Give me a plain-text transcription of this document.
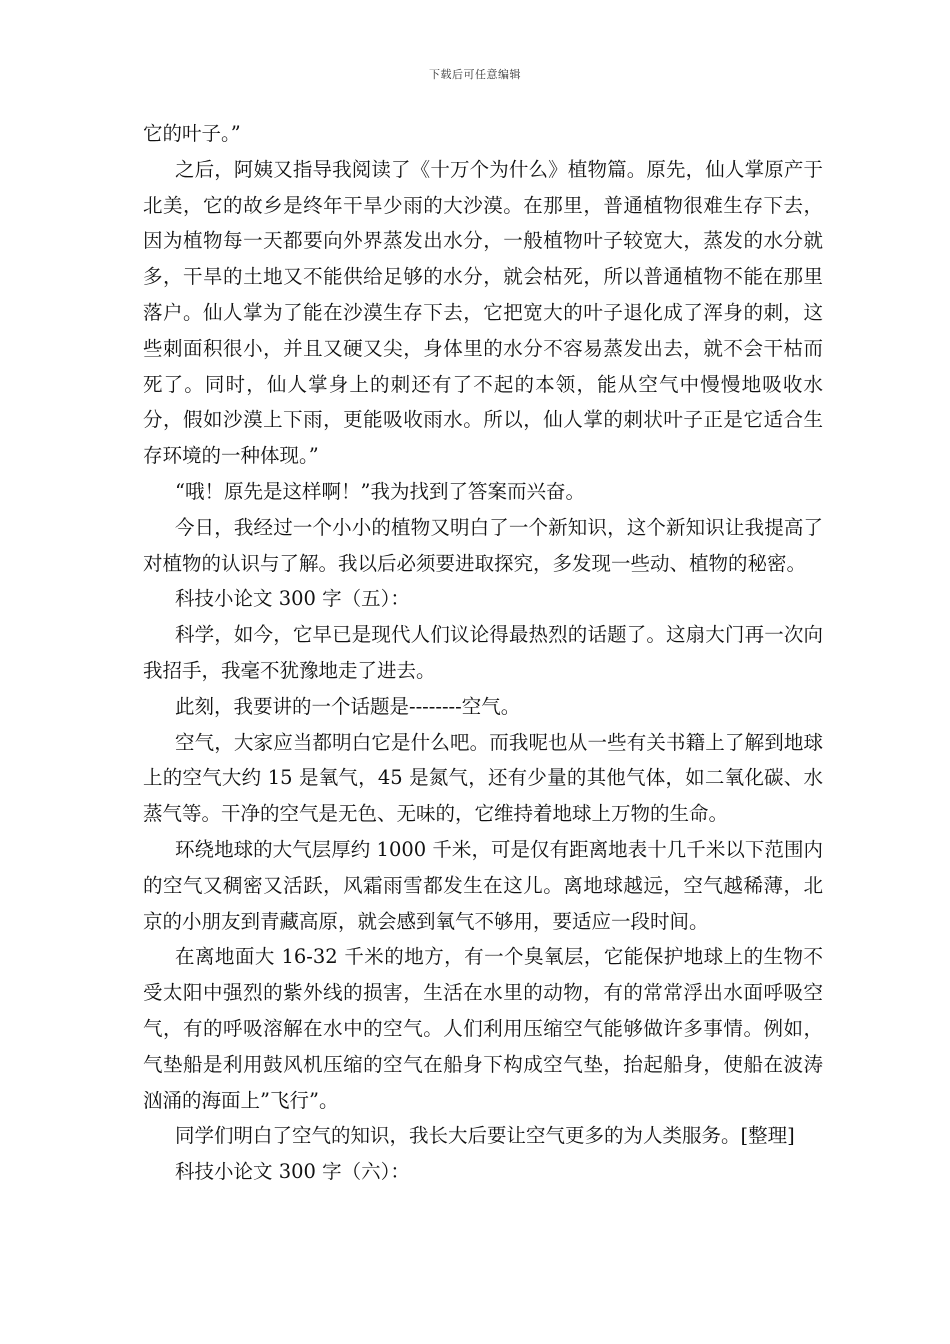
下载后可任意编辑

它的叶子。”

之后，阿姨又指导我阅读了《十万个为什么》植物篇。原先，仙人掌原产于北美，它的故乡是终年干旱少雨的大沙漠。在那里，普通植物很难生存下去，因为植物每一天都要向外界蒸发出水分，一般植物叶子较宽大，蒸发的水分就多，干旱的土地又不能供给足够的水分，就会枯死，所以普通植物不能在那里落户。仙人掌为了能在沙漠生存下去，它把宽大的叶子退化成了浑身的刺，这些刺面积很小，并且又硬又尖，身体里的水分不容易蒸发出去，就不会干枯而死了。同时，仙人掌身上的刺还有了不起的本领，能从空气中慢慢地吸收水分，假如沙漠上下雨，更能吸收雨水。所以，仙人掌的刺状叶子正是它适合生存环境的一种体现。”

“哦！原先是这样啊！”我为找到了答案而兴奋。

今日，我经过一个小小的植物又明白了一个新知识，这个新知识让我提高了对植物的认识与了解。我以后必须要进取探究，多发现一些动、植物的秘密。

科技小论文 300 字（五）：

科学，如今，它早已是现代人们议论得最热烈的话题了。这扇大门再一次向我招手，我毫不犹豫地走了进去。

此刻，我要讲的一个话题是--------空气。

空气，大家应当都明白它是什么吧。而我呢也从一些有关书籍上了解到地球上的空气大约 15 是氧气，45 是氮气，还有少量的其他气体，如二氧化碳、水蒸气等。干净的空气是无色、无味的，它维持着地球上万物的生命。

环绕地球的大气层厚约 1000 千米，可是仅有距离地表十几千米以下范围内的空气又稠密又活跃，风霜雨雪都发生在这儿。离地球越远，空气越稀薄，北京的小朋友到青藏高原，就会感到氧气不够用，要适应一段时间。

在离地面大 16-32 千米的地方，有一个臭氧层，它能保护地球上的生物不受太阳中强烈的紫外线的损害，生活在水里的动物，有的常常浮出水面呼吸空气，有的呼吸溶解在水中的空气。人们利用压缩空气能够做许多事情。例如，气垫船是利用鼓风机压缩的空气在船身下构成空气垫，抬起船身，使船在波涛汹涌的海面上”飞行”。

同学们明白了空气的知识，我长大后要让空气更多的为人类服务。[整理]

科技小论文 300 字（六）：
